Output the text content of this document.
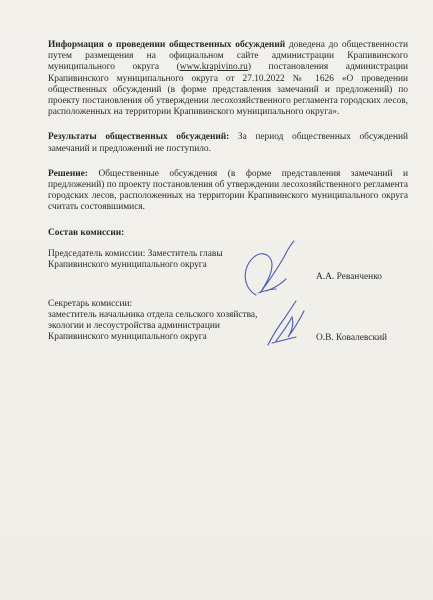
Информация о проведении общественных обсуждений доведена до общественности путем размещения на официальном сайте администрации Крапивинского муниципального округа (www.krapivino.ru) постановления администрации Крапивинского муниципального округа от 27.10.2022 № 1626 «О проведении общественных обсуждений (в форме представления замечаний и предложений) по проекту постановления об утверждении лесохозяйственного регламента городских лесов, расположенных на территории Крапивинского муниципального округа».

Результаты общественных обсуждений: За период общественных обсуждений замечаний и предложений не поступило.

Решение: Общественные обсуждения (в форме представления замечаний и предложений) по проекту постановления об утверждении лесохозяйственного регламента городских лесов, расположенных на территории Крапивинского муниципального округа считать состоявшимися.

Состав комиссии:

Председатель комиссии: Заместитель главы
Крапивинского муниципального округа
А.А. Реванченко
Секретарь комиссии:
заместитель начальника отдела сельского хозяйства,
экологии и лесоустройства администрации
Крапивинского муниципального округа	О.В. Ковалевский
